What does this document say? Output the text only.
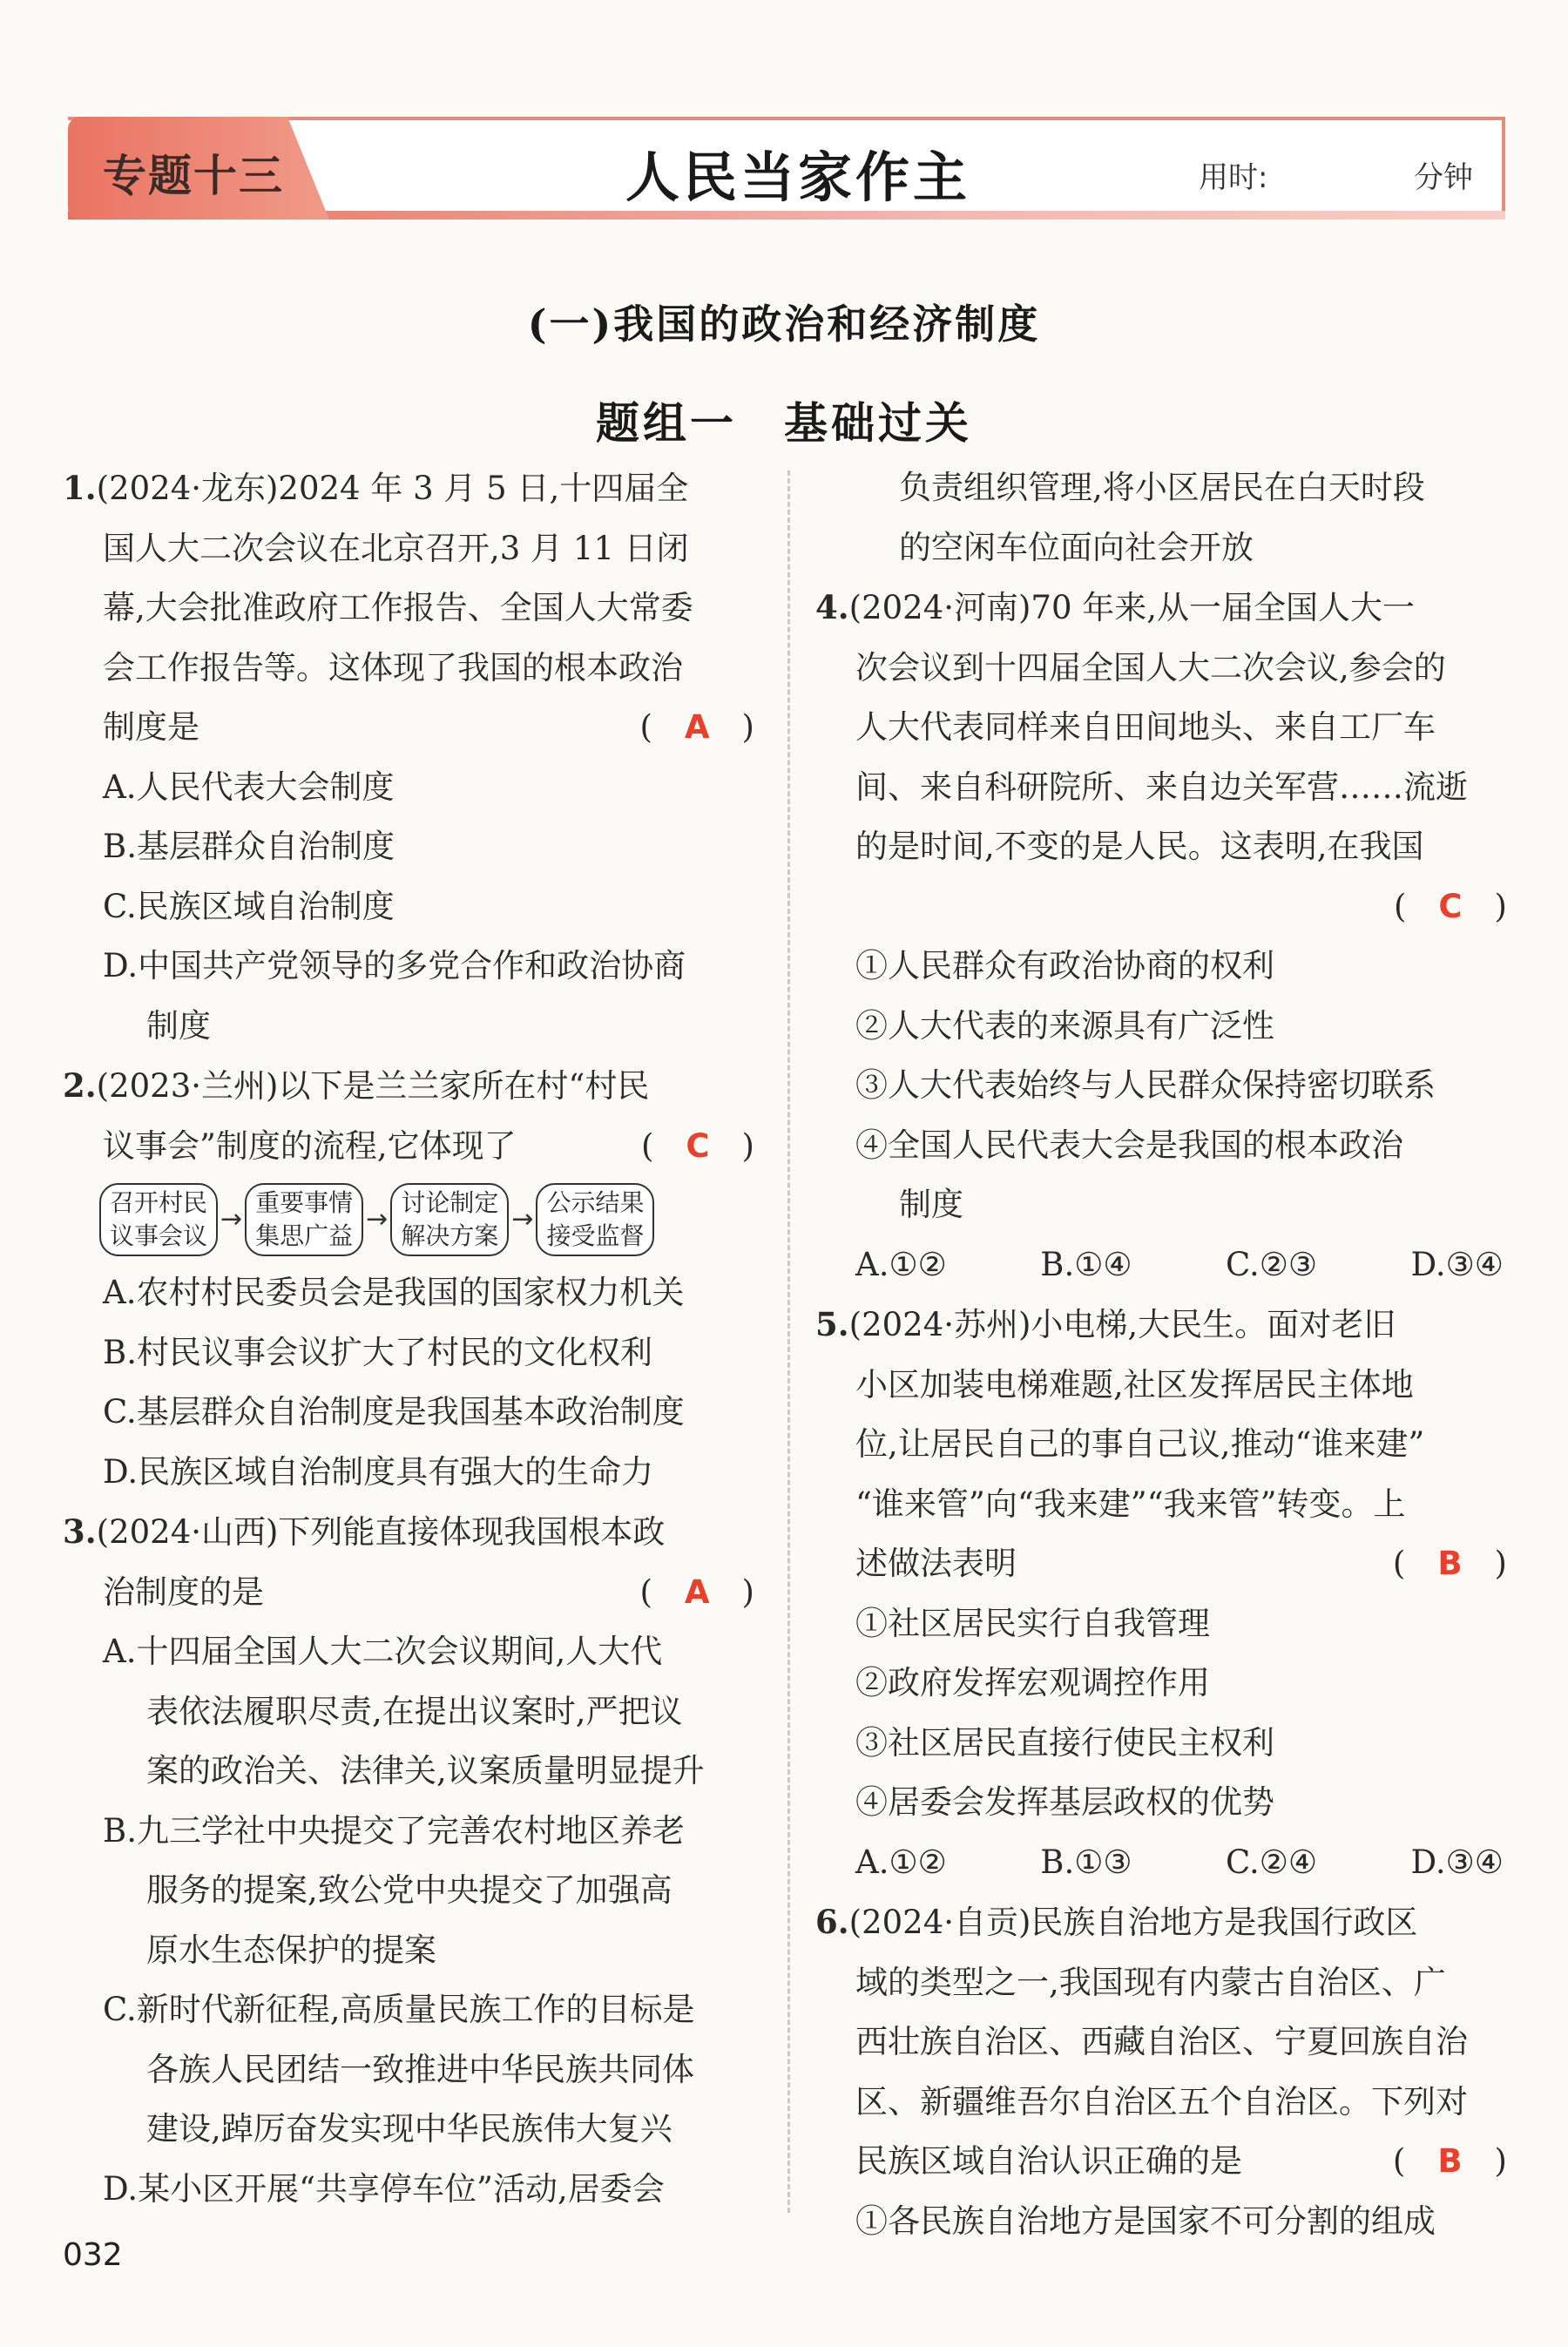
专题十三	人民当家作主	用时:	分钟
(一)我国的政治和经济制度
题组一　基础过关
1.(2024·龙东)2024 年 3 月 5 日,十四届全
国人大二次会议在北京召开,3 月 11 日闭
幕,大会批准政府工作报告、全国人大常委
会工作报告等。这体现了我国的根本政治
制度是	(　A　)
A.人民代表大会制度
B.基层群众自治制度
C.民族区域自治制度
D.中国共产党领导的多党合作和政治协商
制度
2.(2023·兰州)以下是兰兰家所在村“村民
议事会”制度的流程,它体现了	(　C　)
召开村民
议事会议
→
重要事情
集思广益
→
讨论制定
解决方案
→
公示结果
接受监督
A.农村村民委员会是我国的国家权力机关
B.村民议事会议扩大了村民的文化权利
C.基层群众自治制度是我国基本政治制度
D.民族区域自治制度具有强大的生命力
3.(2024·山西)下列能直接体现我国根本政
治制度的是	(　A　)
A.十四届全国人大二次会议期间,人大代
表依法履职尽责,在提出议案时,严把议
案的政治关、法律关,议案质量明显提升
B.九三学社中央提交了完善农村地区养老
服务的提案,致公党中央提交了加强高
原水生态保护的提案
C.新时代新征程,高质量民族工作的目标是
各族人民团结一致推进中华民族共同体
建设,踔厉奋发实现中华民族伟大复兴
D.某小区开展“共享停车位”活动,居委会
负责组织管理,将小区居民在白天时段
的空闲车位面向社会开放
4.(2024·河南)70 年来,从一届全国人大一
次会议到十四届全国人大二次会议,参会的
人大代表同样来自田间地头、来自工厂车
间、来自科研院所、来自边关军营……流逝
的是时间,不变的是人民。这表明,在我国
(　C　)
①人民群众有政治协商的权利
②人大代表的来源具有广泛性
③人大代表始终与人民群众保持密切联系
④全国人民代表大会是我国的根本政治
制度
A.①②	B.①④	C.②③	D.③④
5.(2024·苏州)小电梯,大民生。面对老旧
小区加装电梯难题,社区发挥居民主体地
位,让居民自己的事自己议,推动“谁来建”
“谁来管”向“我来建”“我来管”转变。上
述做法表明	(　B　)
①社区居民实行自我管理
②政府发挥宏观调控作用
③社区居民直接行使民主权利
④居委会发挥基层政权的优势
A.①②	B.①③	C.②④	D.③④
6.(2024·自贡)民族自治地方是我国行政区
域的类型之一,我国现有内蒙古自治区、广
西壮族自治区、西藏自治区、宁夏回族自治
区、新疆维吾尔自治区五个自治区。下列对
民族区域自治认识正确的是	(　B　)
①各民族自治地方是国家不可分割的组成
032
